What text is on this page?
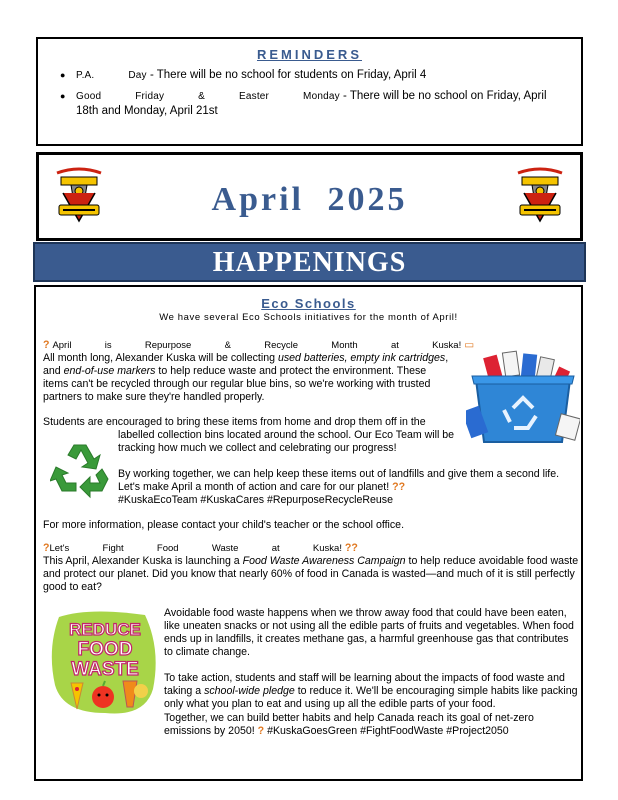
REMINDERS
●	P.A.  Day - There will be no school for students on Friday, April 4
●	Good  Friday  &  Easter  Monday - There will be no school on Friday, April 18th and Monday, April 21st
April 2025
HAPPENINGS
Eco Schools
We have several Eco Schools initiatives for the month of April!
? April  is  Repurpose  &  Recycle  Month  at  Kuska! ▭
All month long, Alexander Kuska will be collecting used batteries, empty ink cartridges, and end-of-use markers to help reduce waste and protect the environment. These items can't be recycled through our regular blue bins, so we're working with trusted partners to make sure they're handled properly.
Students are encouraged to bring these items from home and drop them off in the
labelled collection bins located around the school. Our Eco Team will be tracking how much we collect and celebrating our progress!
By working together, we can help keep these items out of landfills and give them a second life. Let's make April a month of action and care for our planet! ??
#KuskaEcoTeam #KuskaCares #RepurposeRecycleReuse
For more information, please contact your child's teacher or the school office.
?Let's  Fight  Food  Waste  at  Kuska! ??
This April, Alexander Kuska is launching a Food Waste Awareness Campaign to help reduce avoidable food waste and protect our planet. Did you know that nearly 60% of food in Canada is wasted—and much of it is still perfectly good to eat?
REDUCE
FOOD
WASTE
Avoidable food waste happens when we throw away food that could have been eaten, like uneaten snacks or not using all the edible parts of fruits and vegetables. When food ends up in landfills, it creates methane gas, a harmful greenhouse gas that contributes to climate change.
To take action, students and staff will be learning about the impacts of food waste and taking a school-wide pledge to reduce it. We'll be encouraging simple habits like packing only what you plan to eat and using up all the edible parts of your food.
Together, we can build better habits and help Canada reach its goal of net-zero emissions by 2050! ? #KuskaGoesGreen #FightFoodWaste #Project2050
